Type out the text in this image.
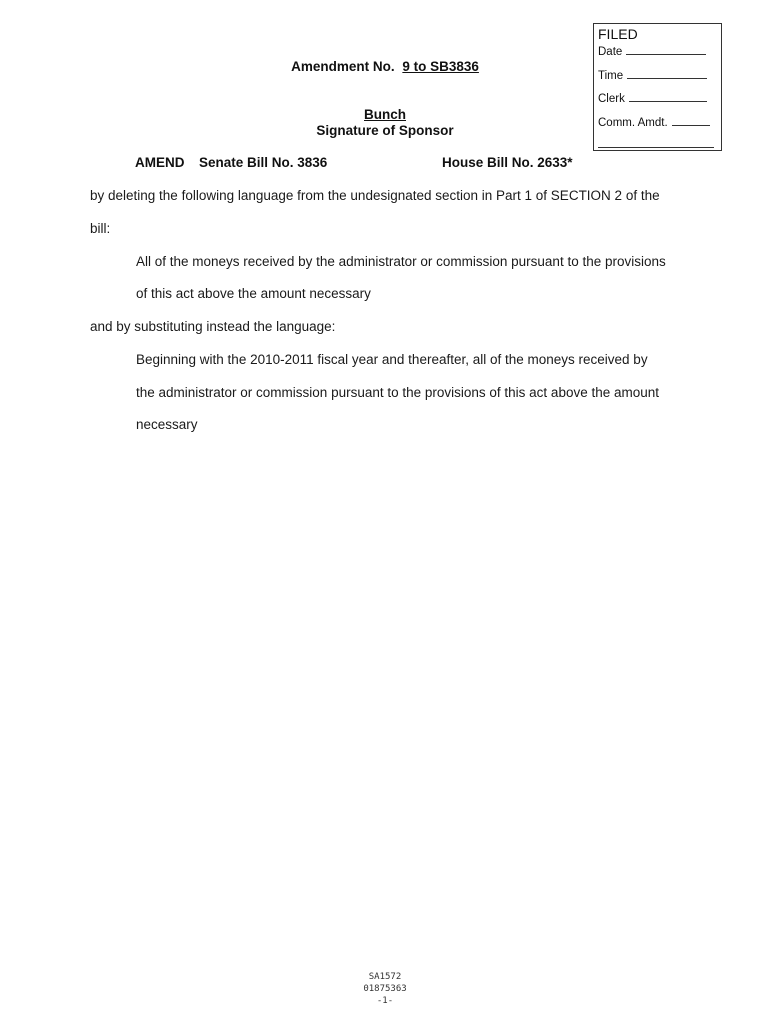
FILED
Date
Time
Clerk
Comm. Amdt.
Amendment No. 9 to SB3836
Bunch
Signature of Sponsor
AMEND Senate Bill No. 3836	House Bill No. 2633*
by deleting the following language from the undesignated section in Part 1 of SECTION 2 of the
bill:
All of the moneys received by the administrator or commission pursuant to the provisions
of this act above the amount necessary
and by substituting instead the language:
Beginning with the 2010-2011 fiscal year and thereafter, all of the moneys received by
the administrator or commission pursuant to the provisions of this act above the amount
necessary
SA1572
01875363
-1-
